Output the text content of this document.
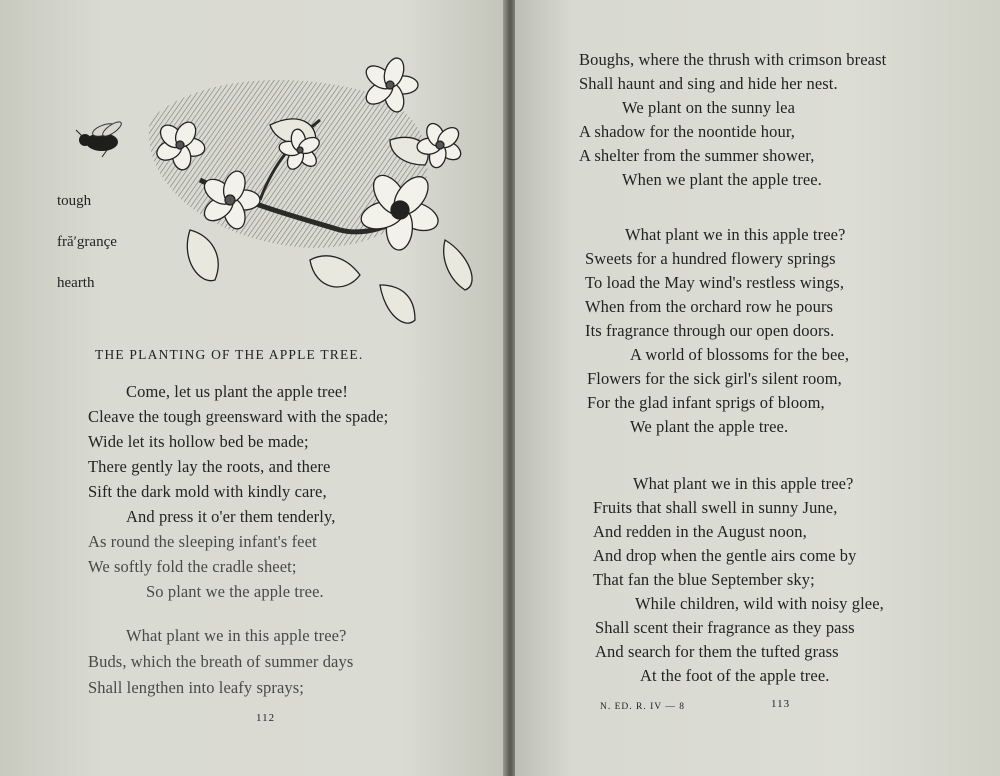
tough
fră′grançe
hearth
THE PLANTING OF THE APPLE TREE.
Come, let us plant the apple tree!
Cleave the tough greensward with the spade;
Wide let its hollow bed be made;
There gently lay the roots, and there
Sift the dark mold with kindly care,
And press it o'er them tenderly,
As round the sleeping infant's feet
We softly fold the cradle sheet;
So plant we the apple tree.
What plant we in this apple tree?
Buds, which the breath of summer days
Shall lengthen into leafy sprays;
112
Boughs, where the thrush with crimson breast
Shall haunt and sing and hide her nest.
We plant on the sunny lea
A shadow for the noontide hour,
A shelter from the summer shower,
When we plant the apple tree.
What plant we in this apple tree?
Sweets for a hundred flowery springs
To load the May wind's restless wings,
When from the orchard row he pours
Its fragrance through our open doors.
A world of blossoms for the bee,
Flowers for the sick girl's silent room,
For the glad infant sprigs of bloom,
We plant the apple tree.
What plant we in this apple tree?
Fruits that shall swell in sunny June,
And redden in the August noon,
And drop when the gentle airs come by
That fan the blue September sky;
While children, wild with noisy glee,
Shall scent their fragrance as they pass
And search for them the tufted grass
At the foot of the apple tree.
N. ED. R. IV — 8	113
